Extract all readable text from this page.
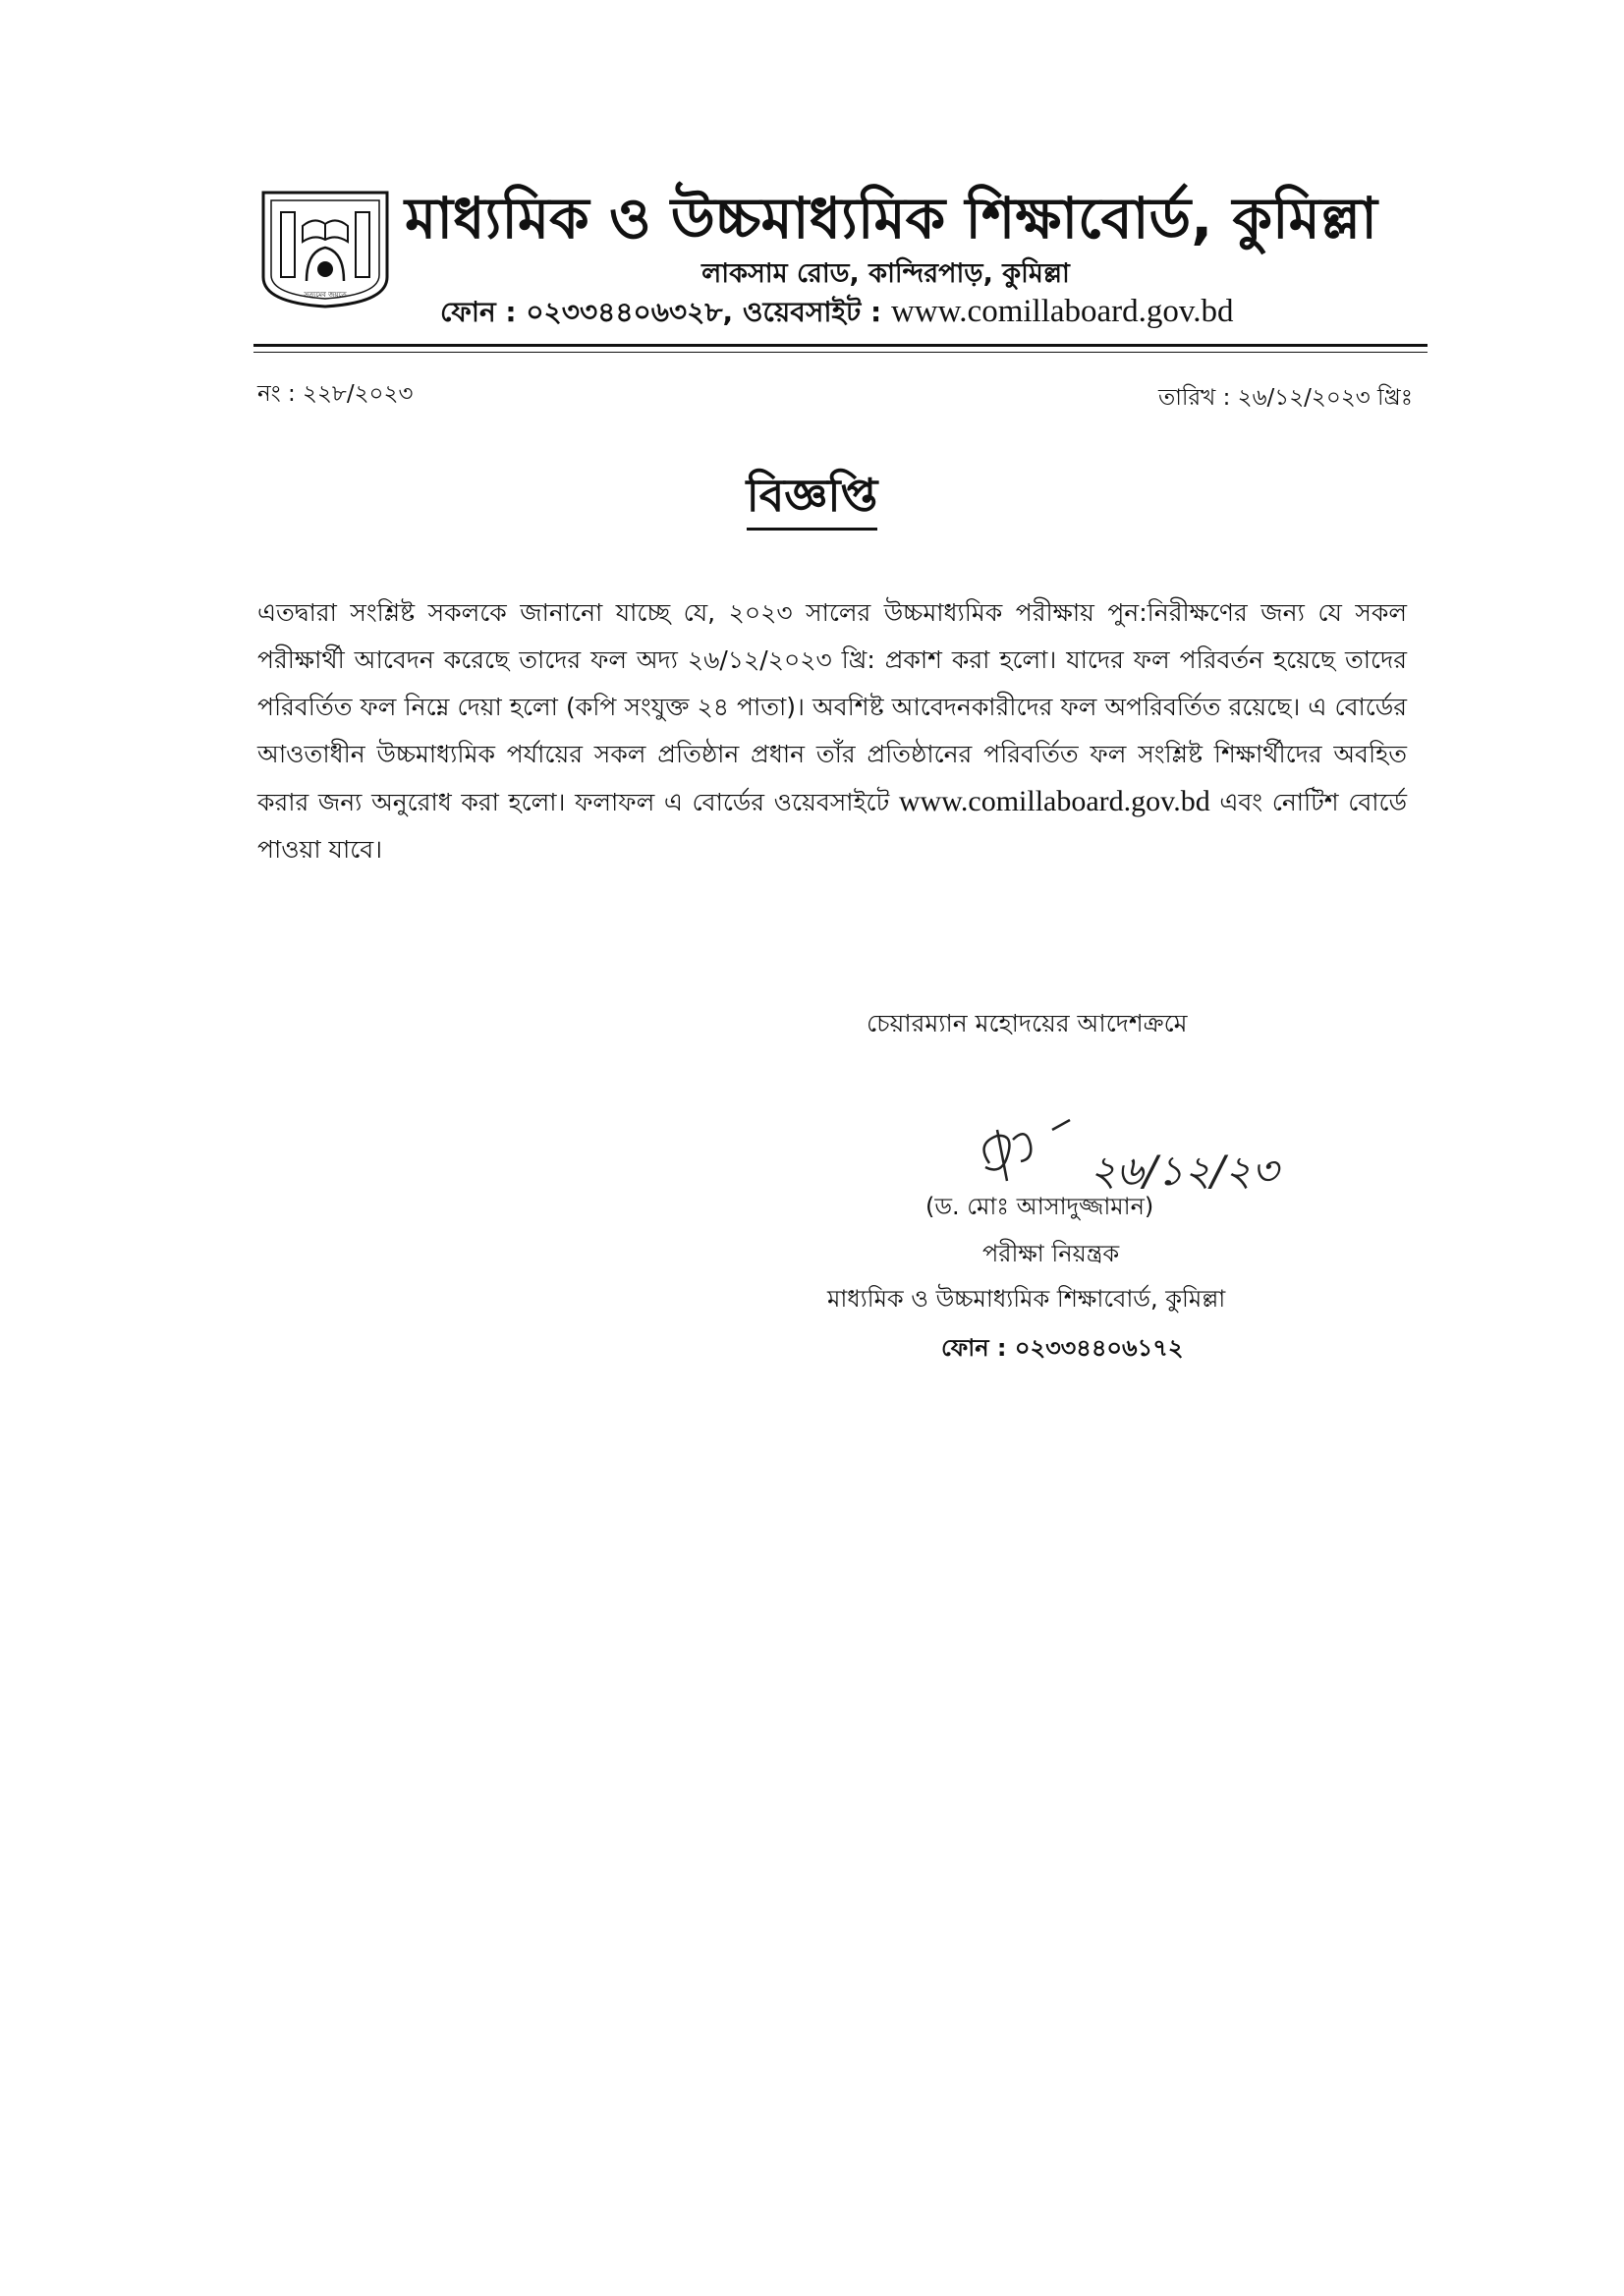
সত্যমেব জয়তে
মাধ্যমিক ও উচ্চমাধ্যমিক শিক্ষাবোর্ড, কুমিল্লা
লাকসাম রোড, কান্দিরপাড়, কুমিল্লা
ফোন : ০২৩৩৪৪০৬৩২৮, ওয়েবসাইট : www.comillaboard.gov.bd
নং : ২২৮/২০২৩	তারিখ : ২৬/১২/২০২৩ খ্রিঃ
বিজ্ঞপ্তি
এতদ্বারা সংশ্লিষ্ট সকলকে জানানো যাচ্ছে যে, ২০২৩ সালের উচ্চমাধ্যমিক পরীক্ষায় পুন:নিরীক্ষণের জন্য যে সকল পরীক্ষার্থী আবেদন করেছে তাদের ফল অদ্য ২৬/১২/২০২৩ খ্রি: প্রকাশ করা হলো। যাদের ফল পরিবর্তন হয়েছে তাদের পরিবর্তিত ফল নিম্নে দেয়া হলো (কপি সংযুক্ত ২৪ পাতা)। অবশিষ্ট আবেদনকারীদের ফল অপরিবর্তিত রয়েছে। এ বোর্ডের আওতাধীন উচ্চমাধ্যমিক পর্যায়ের সকল প্রতিষ্ঠান প্রধান তাঁর প্রতিষ্ঠানের পরিবর্তিত ফল সংশ্লিষ্ট শিক্ষার্থীদের অবহিত করার জন্য অনুরোধ করা হলো। ফলাফল এ বোর্ডের ওয়েবসাইটে www.comillaboard.gov.bd এবং নোটিশ বোর্ডে পাওয়া যাবে।
চেয়ারম্যান মহোদয়ের আদেশক্রমে
২৬/১২/২৩
(ড. মোঃ আসাদুজ্জামান)
পরীক্ষা নিয়ন্ত্রক
মাধ্যমিক ও উচ্চমাধ্যমিক শিক্ষাবোর্ড, কুমিল্লা
ফোন : ০২৩৩৪৪০৬১৭২
